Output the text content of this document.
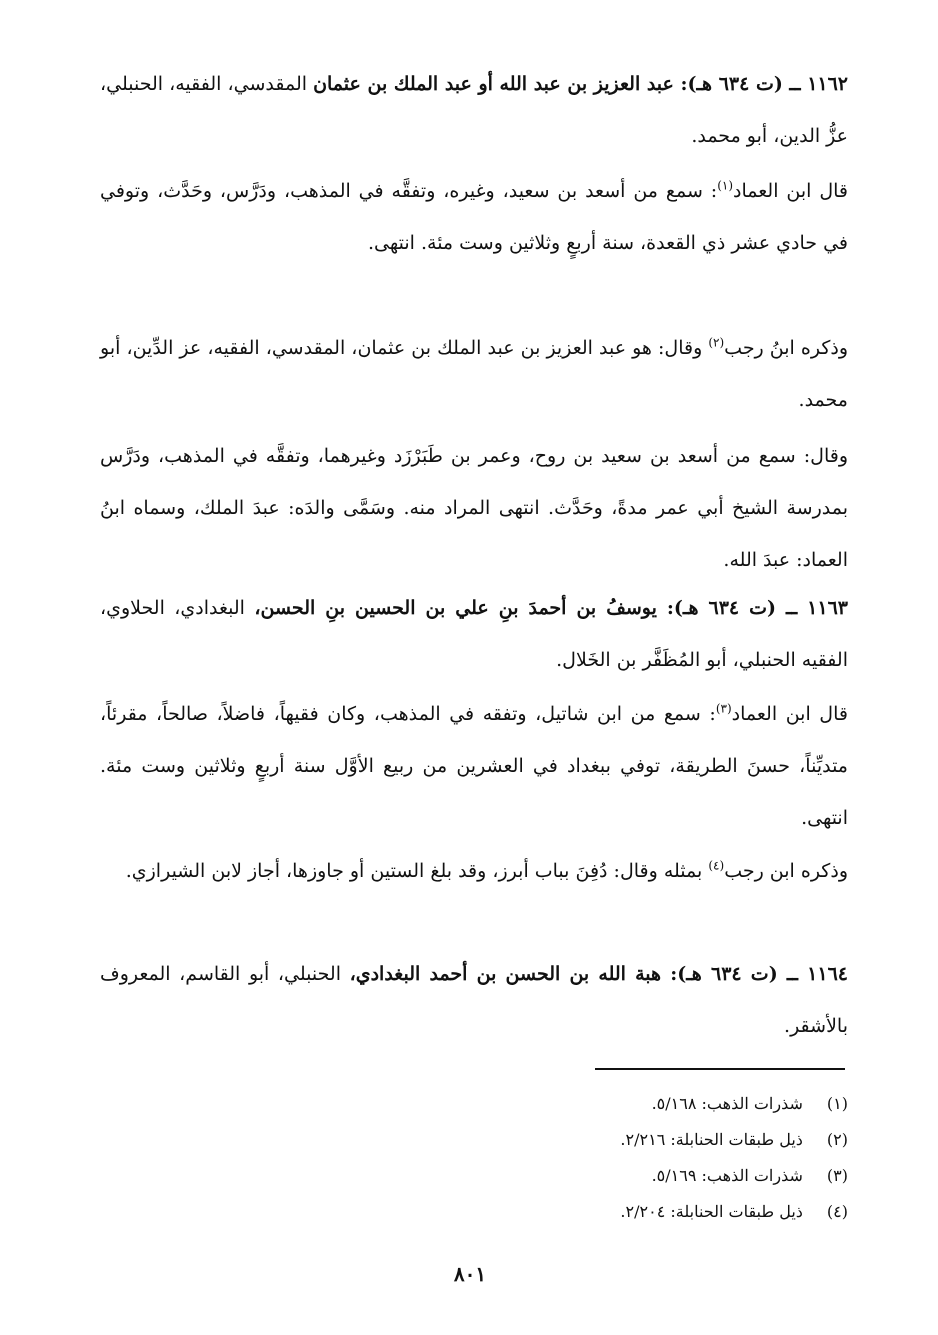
١١٦٢ ــ (ت ٦٣٤ هـ): عبد العزيز بن عبد الله أو عبد الملك بن عثمان المقدسي، الفقيه، الحنبلي، عزُّ الدين، أبو محمد.

قال ابن العماد$^{(١)}$: سمع من أسعد بن سعيد، وغيره، وتفقَّه في المذهب، ودَرَّس، وحَدَّث، وتوفي في حادي عشر ذي القعدة، سنة أربعٍ وثلاثين وست مئة. انتهى.

وذكره ابنُ رجب$^{(٢)}$ وقال: هو عبد العزيز بن عبد الملك بن عثمان، المقدسي، الفقيه، عز الدِّين، أبو محمد.

وقال: سمع من أسعد بن سعيد بن روح، وعمر بن طَبَرْزَد وغيرهما، وتفقَّه في المذهب، ودَرَّس بمدرسة الشيخ أبي عمر مدةً، وحَدَّث. انتهى المراد منه. وسَمَّى والدَه: عبدَ الملك، وسماه ابنُ العماد: عبدَ الله.

١١٦٣ ــ (ت ٦٣٤ هـ): يوسفُ بن أحمدَ بنِ علي بن الحسين بنِ الحسن، البغدادي، الحلاوي، الفقيه الحنبلي، أبو المُظَفَّر بن الخَلال.

قال ابن العماد$^{(٣)}$: سمع من ابن شاتيل، وتفقه في المذهب، وكان فقيهاً، فاضلاً، صالحاً، مقرئاً، متديِّناً، حسنَ الطريقة، توفي ببغداد في العشرين من ربيع الأوَّل سنة أربعٍ وثلاثين وست مئة. انتهى.

وذكره ابن رجب$^{(٤)}$ بمثله وقال: دُفِنَ بباب أبرز، وقد بلغ الستين أو جاوزها، أجاز لابن الشيرازي.

١١٦٤ ــ (ت ٦٣٤ هـ): هبة الله بن الحسن بن أحمد البغدادي، الحنبلي، أبو القاسم، المعروف بالأشقر.

(١) شذرات الذهب: ٥/١٦٨.
(٢) ذيل طبقات الحنابلة: ٢/٢١٦.
(٣) شذرات الذهب: ٥/١٦٩.
(٤) ذيل طبقات الحنابلة: ٢/٢٠٤.
٨٠١
